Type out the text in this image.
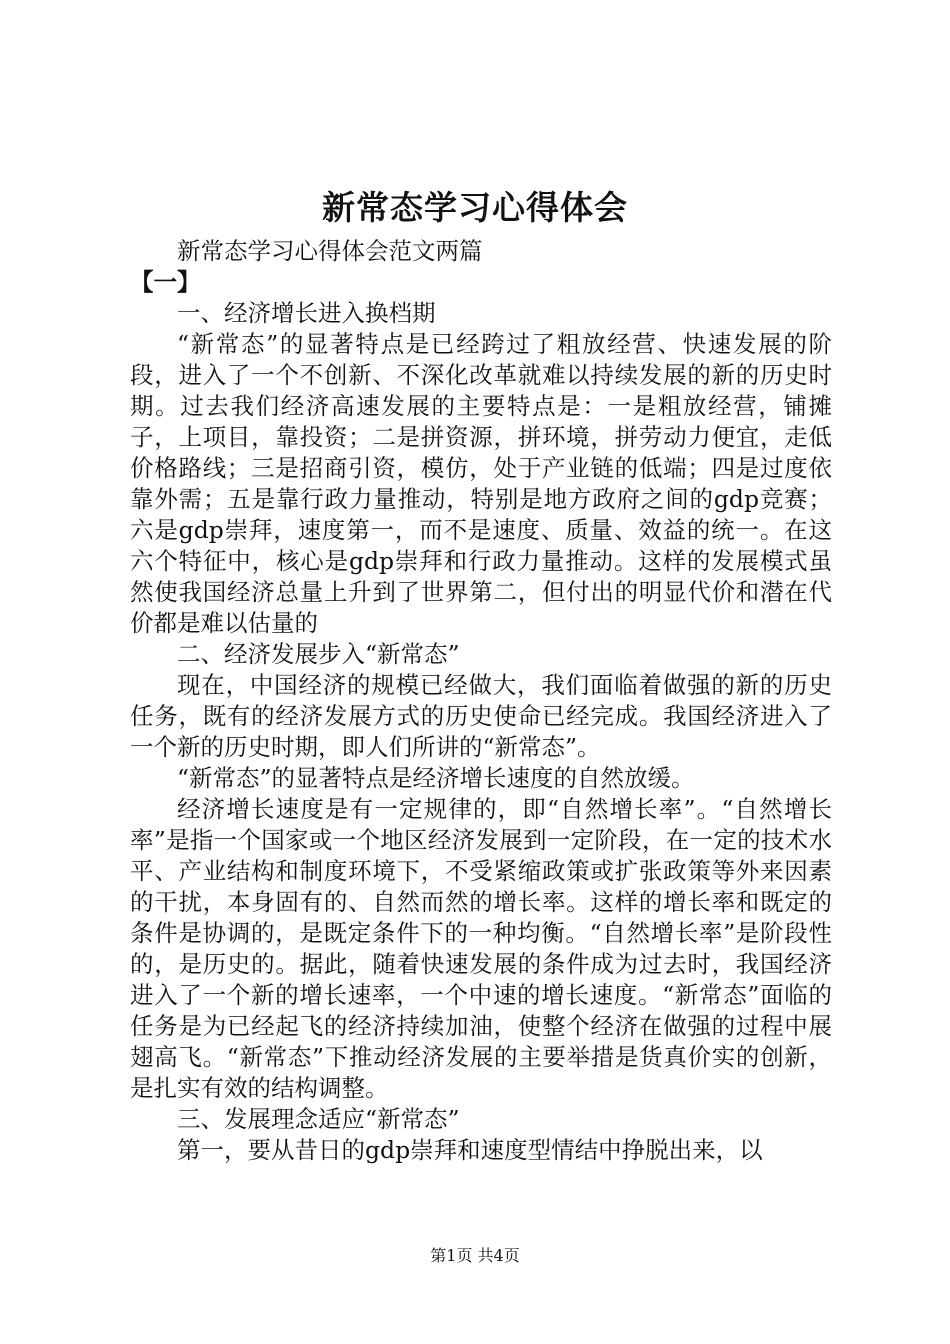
新常态学习心得体会

新常态学习心得体会范文两篇

【一】

一、经济增长进入换档期

“新常态”的显著特点是已经跨过了粗放经营、快速发展的阶段，进入了一个不创新、不深化改革就难以持续发展的新的历史时期。过去我们经济高速发展的主要特点是：一是粗放经营，铺摊子，上项目，靠投资；二是拼资源，拼环境，拼劳动力便宜，走低价格路线；三是招商引资，模仿，处于产业链的低端；四是过度依靠外需；五是靠行政力量推动，特别是地方政府之间的gdp竞赛；六是gdp崇拜，速度第一，而不是速度、质量、效益的统一。在这六个特征中，核心是gdp崇拜和行政力量推动。这样的发展模式虽然使我国经济总量上升到了世界第二，但付出的明显代价和潜在代价都是难以估量的

二、经济发展步入“新常态”

现在，中国经济的规模已经做大，我们面临着做强的新的历史任务，既有的经济发展方式的历史使命已经完成。我国经济进入了一个新的历史时期，即人们所讲的“新常态”。

“新常态”的显著特点是经济增长速度的自然放缓。

经济增长速度是有一定规律的，即“自然增长率”。“自然增长率”是指一个国家或一个地区经济发展到一定阶段，在一定的技术水平、产业结构和制度环境下，不受紧缩政策或扩张政策等外来因素的干扰，本身固有的、自然而然的增长率。这样的增长率和既定的条件是协调的，是既定条件下的一种均衡。“自然增长率”是阶段性的，是历史的。据此，随着快速发展的条件成为过去时，我国经济进入了一个新的增长速率，一个中速的增长速度。“新常态”面临的任务是为已经起飞的经济持续加油，使整个经济在做强的过程中展翅高飞。“新常态”下推动经济发展的主要举措是货真价实的创新，是扎实有效的结构调整。

三、发展理念适应“新常态”

第一，要从昔日的gdp崇拜和速度型情结中挣脱出来，以

第1页 共4页
